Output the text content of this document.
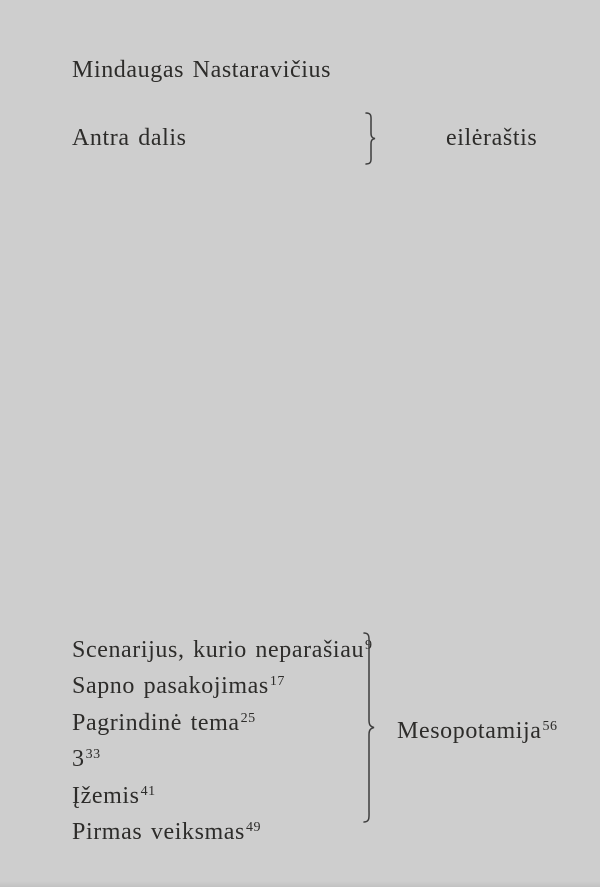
Mindaugas Nastaravičius
Antra dalis	eilėraštis
Scenarijus, kurio neparašiau$^9$
Sapno pasakojimas$^{17}$
Pagrindinė tema$^{25}$
$3^{33}$
Įžemis$^{41}$
Pirmas veiksmas$^{49}$
Mesopotamija$^{56}$
